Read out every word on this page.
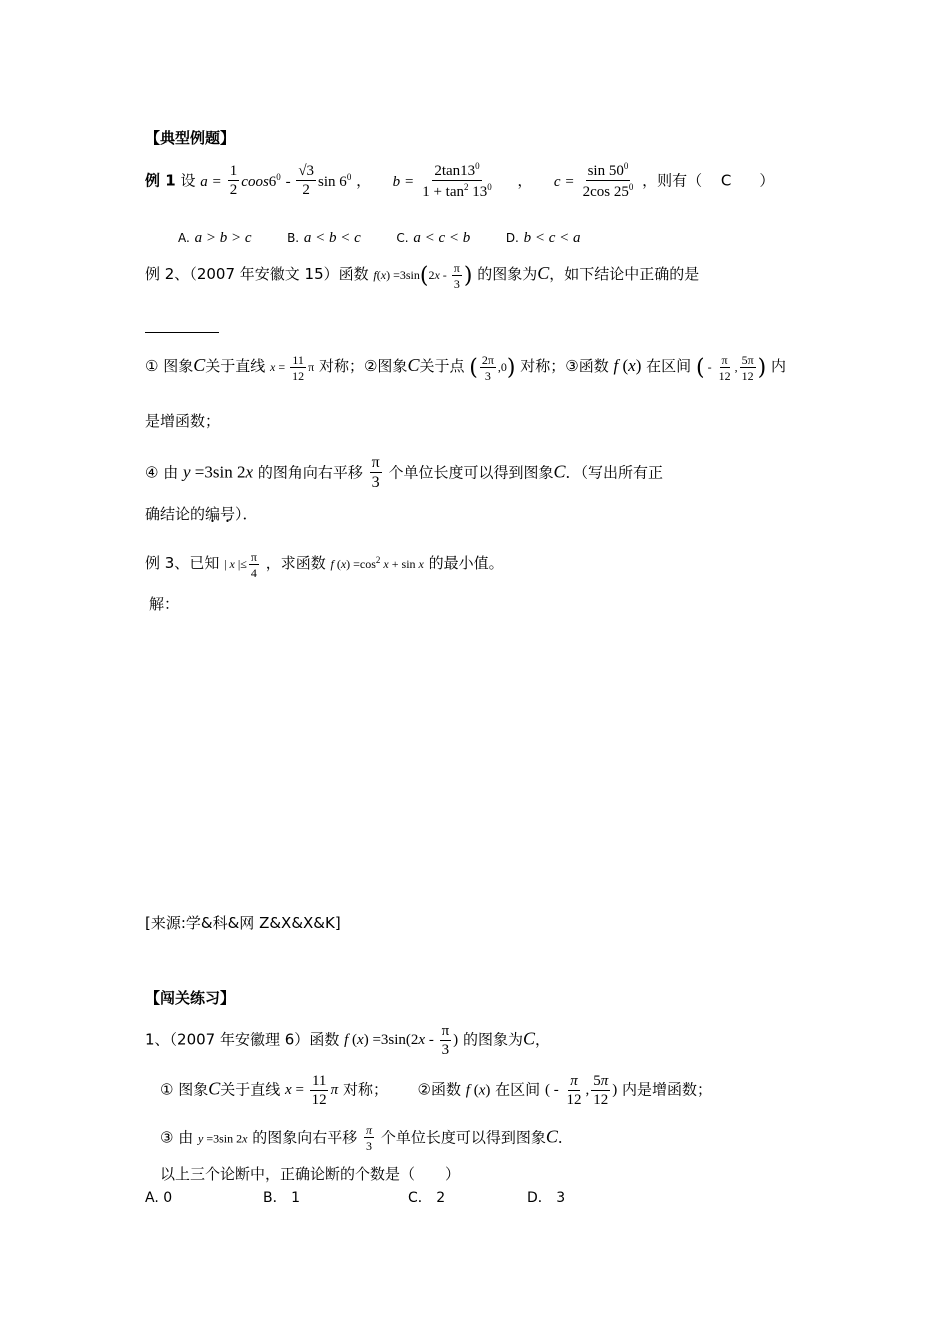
【典型例题】
例 1 设 $a = \frac{1}{2}$ $coos6^0 - \frac{√3}{2}$ $\sin 6^0$ ， $b = \frac{2\tan 13^0}{1 + \tan^2 13^0}$ ， $c = \frac{\sin 50^0}{2\cos 25^0}$ ，则有（ C ）
A. a > b > c	B. a < b < c	C. a < c < b	D. b < c < a
例 2、（2007 年安徽文 15）函数 $f(x) =3\sin(2x - \frac{\pi}{3}$ ) 的图象为C，如下结论中正确的是
① 图象C关于直线 $x = \frac{11}{12}$ π 对称；②图象C关于点 ( $\frac{2\pi}{3} ,0$) 对称；③函数 f (x) 在区间 ( - $\frac{\pi}{12}$ , $\frac{5\pi}{12}$ ) 内
是增函数；
④ 由 y =3sin 2x 的图角向右平移 $\frac{\pi}{3}$ 个单位长度可以得到图象C．（写出所有正
确结论的编号）．
例 3、已知 | x |≤ $\frac{\pi}{4}$ ，求函数 f $(x) =\cos^2$ x + sin x 的最小值。
解：
[来源:学&科&网 Z&X&X&K]
【闯关练习】
1、（2007 年安徽理 6）函数 f $(x) =3\sin(2x - \frac{\pi}{3}$ ) 的图象为C，
① 图象C关于直线 $x = \frac{11}{12}$ π 对称； ②函数 f (x) 在区间 ( - $\frac{\pi}{12}$ , $\frac{5\pi}{12}$ ) 内是增函数；
③ 由 y =3sin 2x 的图象向右平移 $\frac{\pi}{3}$ 个单位长度可以得到图象C．
以上三个论断中，正确论断的个数是（　　）
A. 0	B． 1	C． 2	D． 3
